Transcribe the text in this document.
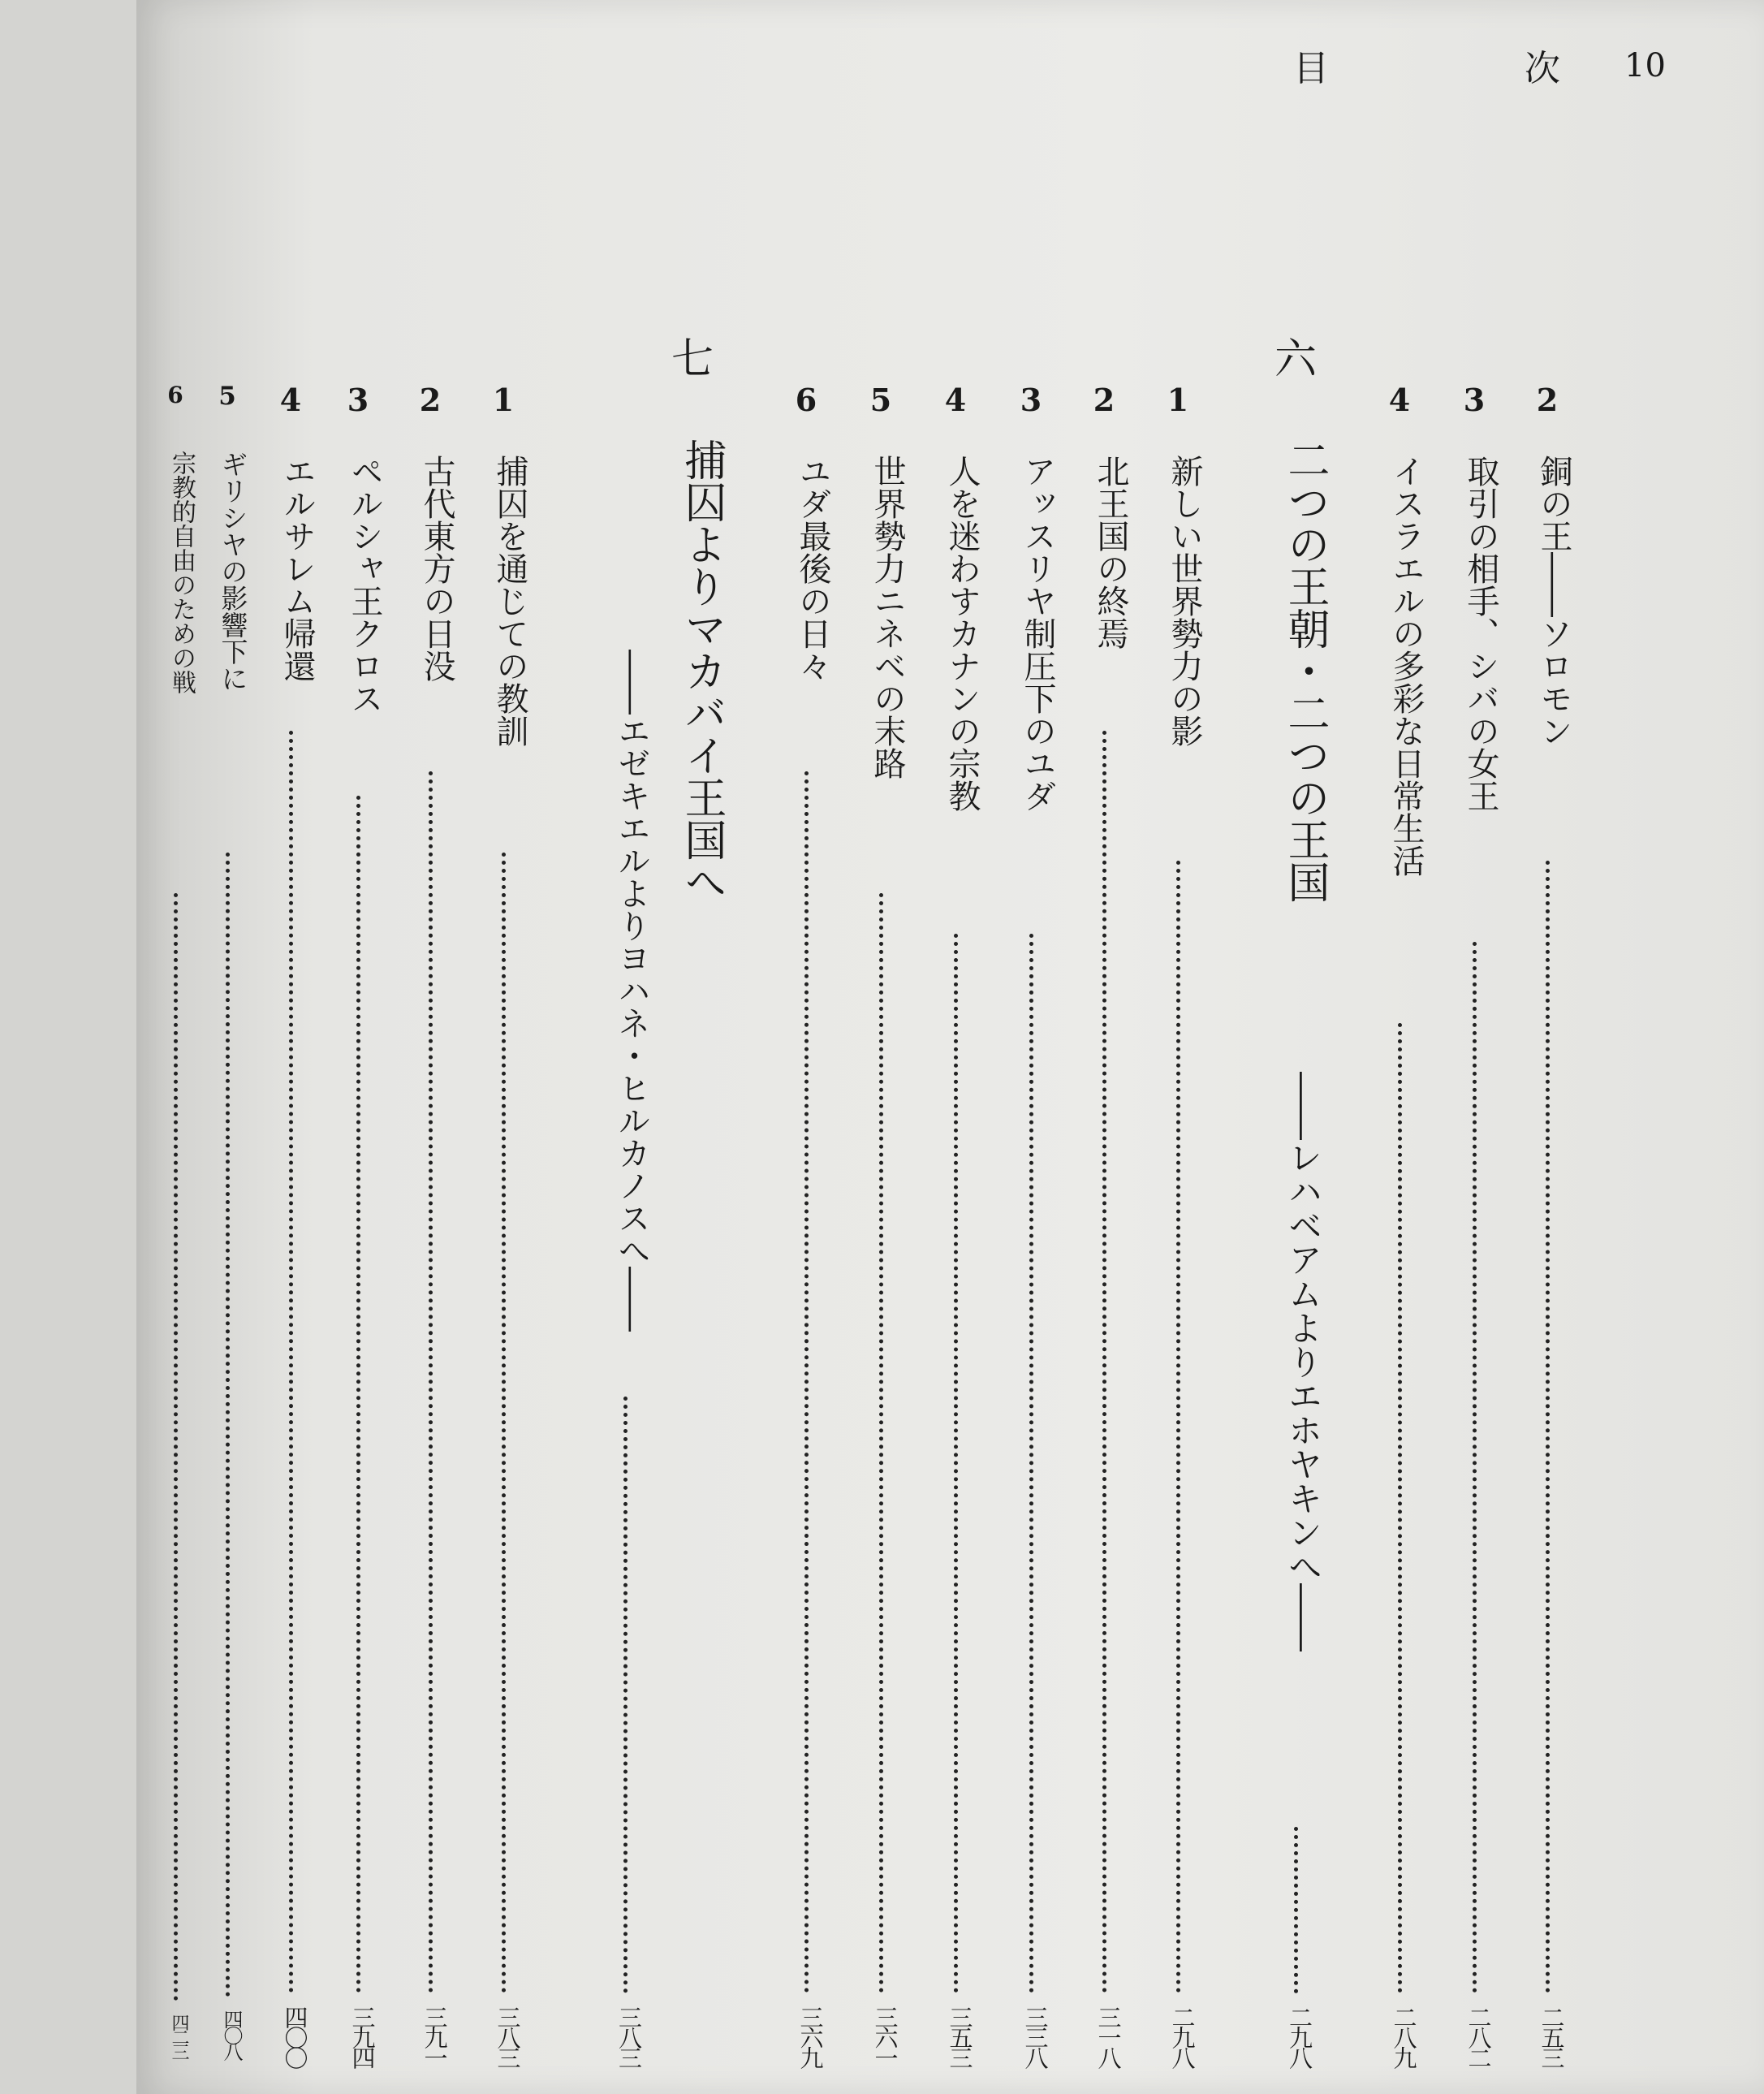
目	次 10
2
銅の王――ソロモン
二五三
3
取引の相手、シバの女王
二八二
4
イスラエルの多彩な日常生活
二八九
1
新しい世界勢力の影
二九八
2
北王国の終焉
三一八
3
アッスリヤ制圧下のユダ
三三八
4
人を迷わすカナンの宗教
三五三
5
世界勢力ニネベの末路
三六一
6
ユダ最後の日々
三六九
1
捕囚を通じての教訓
三八三
2
古代東方の日没
三九一
3
ペルシャ王クロス
三九四
4
エルサレム帰還
四〇〇
5
ギリシヤの影響下に
四〇八
6
宗教的自由のための戦
四二三
六
二つの王朝・二つの王国
――レハベアムよりエホヤキンへ――
二九八
七
捕囚よりマカバイ王国へ
――エゼキエルよりヨハネ・ヒルカノスへ――
三八三
